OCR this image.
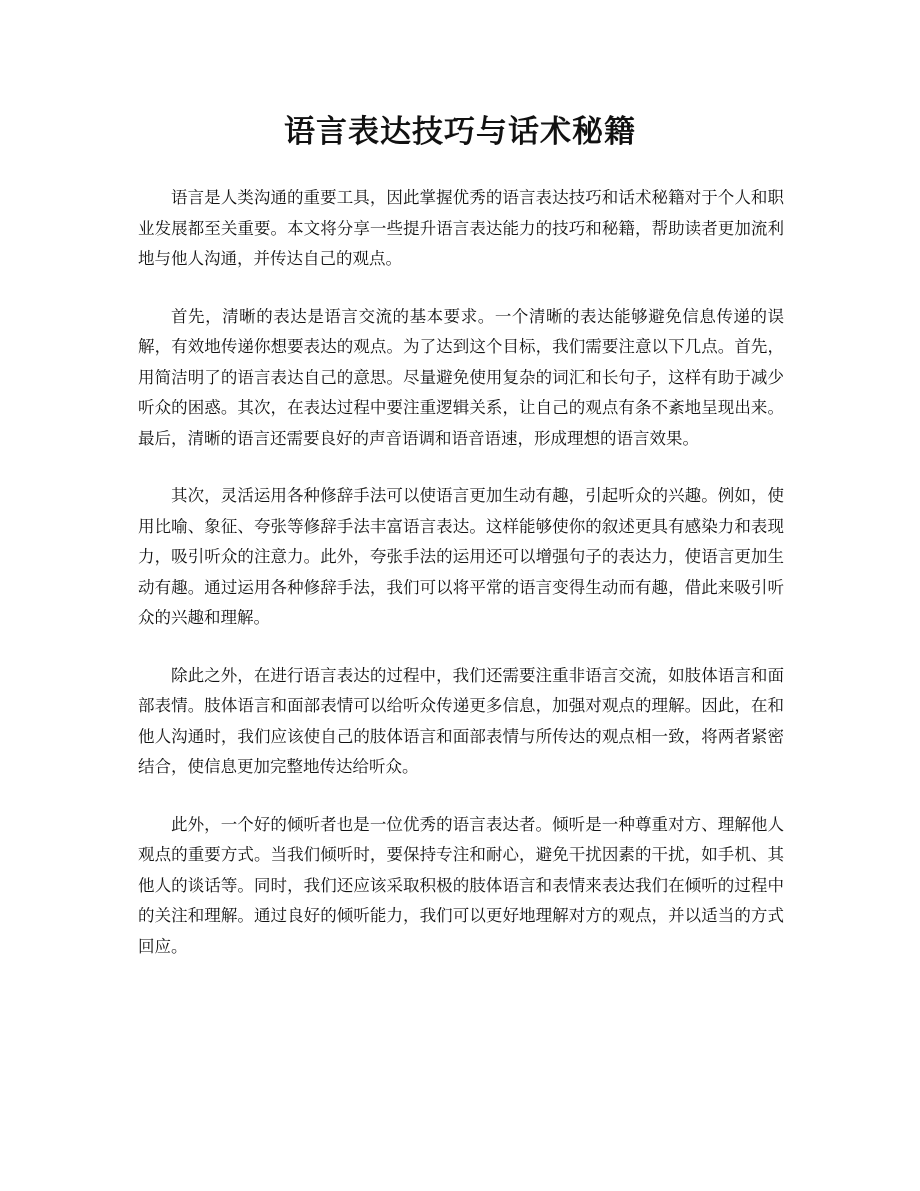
语言表达技巧与话术秘籍

语言是人类沟通的重要工具，因此掌握优秀的语言表达技巧和话术秘籍对于个人和职业发展都至关重要。本文将分享一些提升语言表达能力的技巧和秘籍，帮助读者更加流利地与他人沟通，并传达自己的观点。

首先，清晰的表达是语言交流的基本要求。一个清晰的表达能够避免信息传递的误解，有效地传递你想要表达的观点。为了达到这个目标，我们需要注意以下几点。首先，用简洁明了的语言表达自己的意思。尽量避免使用复杂的词汇和长句子，这样有助于减少听众的困惑。其次，在表达过程中要注重逻辑关系，让自己的观点有条不紊地呈现出来。最后，清晰的语言还需要良好的声音语调和语音语速，形成理想的语言效果。

其次，灵活运用各种修辞手法可以使语言更加生动有趣，引起听众的兴趣。例如，使用比喻、象征、夸张等修辞手法丰富语言表达。这样能够使你的叙述更具有感染力和表现力，吸引听众的注意力。此外，夸张手法的运用还可以增强句子的表达力，使语言更加生动有趣。通过运用各种修辞手法，我们可以将平常的语言变得生动而有趣，借此来吸引听众的兴趣和理解。

除此之外，在进行语言表达的过程中，我们还需要注重非语言交流，如肢体语言和面部表情。肢体语言和面部表情可以给听众传递更多信息，加强对观点的理解。因此，在和他人沟通时，我们应该使自己的肢体语言和面部表情与所传达的观点相一致，将两者紧密结合，使信息更加完整地传达给听众。

此外，一个好的倾听者也是一位优秀的语言表达者。倾听是一种尊重对方、理解他人观点的重要方式。当我们倾听时，要保持专注和耐心，避免干扰因素的干扰，如手机、其他人的谈话等。同时，我们还应该采取积极的肢体语言和表情来表达我们在倾听的过程中的关注和理解。通过良好的倾听能力，我们可以更好地理解对方的观点，并以适当的方式回应。
